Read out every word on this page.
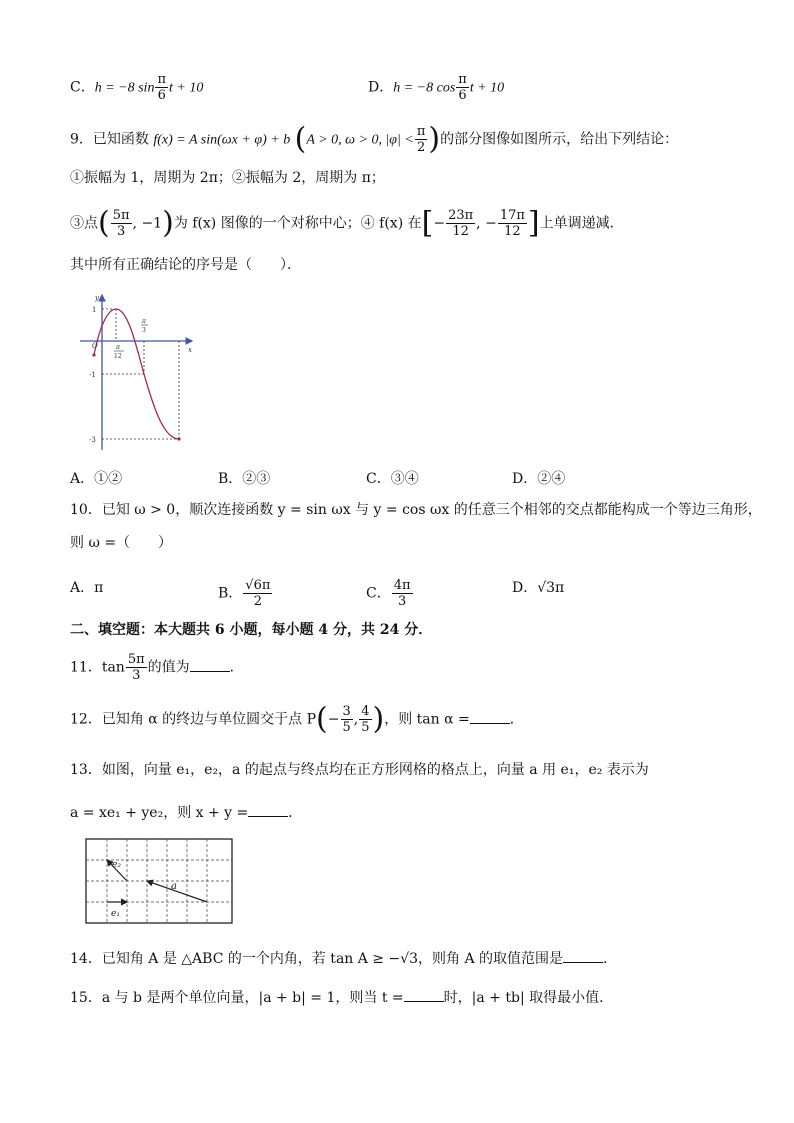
C．h = −8 $\sin \frac{\pi}{6}$ t + 10	D．h = −8 $\cos \frac{\pi}{6}$ t + 10
9．已知函数 f(x) = A sin(ωx + φ) + b (A > 0, ω > 0, $|\varphi| < \frac{\pi}{2}$ )的部分图像如图所示，给出下列结论：
①振幅为 1，周期为 2π；②振幅为 2，周期为 π；
③点( $\frac{5\pi}{3}$ , −1)为 f(x) 图像的一个对称中心；④ f(x) 在[− $\frac{23\pi}{12}$ , − $\frac{17\pi}{12}$ ]上单调递减．
其中所有正确结论的序号是（　　）．
y
x
O
1
-1
-3
π
12
π
3
A．①②	B．②③	C．③④	D．②④
10．已知 ω > 0，顺次连接函数 y = sin ωx 与 y = cos ωx 的任意三个相邻的交点都能构成一个等边三角形，
则 ω =（　　）
A．π	B． $\frac{√6\pi}{2}$	C． $\frac{4\pi}{3}$	D．√3π
二、填空题：本大题共 6 小题，每小题 4 分，共 24 分．
11．$\tan \frac{5\pi}{3}$ 的值为	．
12．已知角 α 的终边与单位圆交于点 $P(- \frac{3}{5}$ , $\frac{4}{5}$ )，则 tan α =	．
13．如图，向量 e₁，e₂，a 的起点与终点均在正方形网格的格点上，向量 a 用 e₁，e₂ 表示为
a = xe₁ + ye₂，则 x + y =	．
e₂
e₁
a
14．已知角 A 是 △ABC 的一个内角，若 tan A ≥ −√3，则角 A 的取值范围是	．
15．a 与 b 是两个单位向量，|a + b| = 1，则当 t =	时，|a + tb| 取得最小值．
